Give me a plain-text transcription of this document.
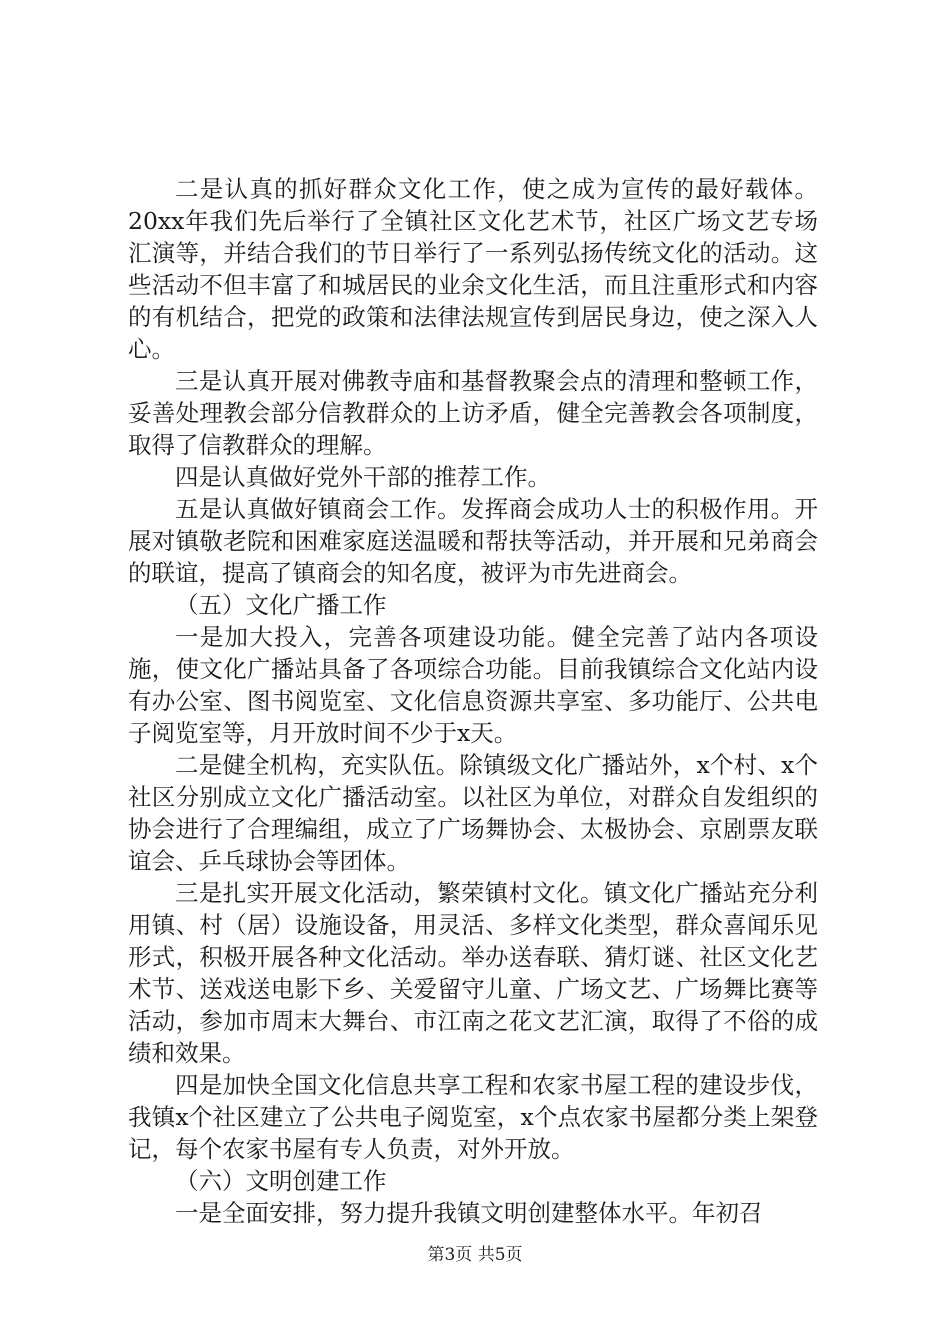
二是认真的抓好群众文化工作，使之成为宣传的最好载体。20xx年我们先后举行了全镇社区文化艺术节，社区广场文艺专场汇演等，并结合我们的节日举行了一系列弘扬传统文化的活动。这些活动不但丰富了和城居民的业余文化生活，而且注重形式和内容的有机结合，把党的政策和法律法规宣传到居民身边，使之深入人心。

三是认真开展对佛教寺庙和基督教聚会点的清理和整顿工作，妥善处理教会部分信教群众的上访矛盾，健全完善教会各项制度，取得了信教群众的理解。

四是认真做好党外干部的推荐工作。

五是认真做好镇商会工作。发挥商会成功人士的积极作用。开展对镇敬老院和困难家庭送温暖和帮扶等活动，并开展和兄弟商会的联谊，提高了镇商会的知名度，被评为市先进商会。

（五）文化广播工作

一是加大投入，完善各项建设功能。健全完善了站内各项设施，使文化广播站具备了各项综合功能。目前我镇综合文化站内设有办公室、图书阅览室、文化信息资源共享室、多功能厅、公共电子阅览室等，月开放时间不少于x天。

二是健全机构，充实队伍。除镇级文化广播站外，x个村、x个社区分别成立文化广播活动室。以社区为单位，对群众自发组织的协会进行了合理编组，成立了广场舞协会、太极协会、京剧票友联谊会、乒乓球协会等团体。

三是扎实开展文化活动，繁荣镇村文化。镇文化广播站充分利用镇、村（居）设施设备，用灵活、多样文化类型，群众喜闻乐见形式，积极开展各种文化活动。举办送春联、猜灯谜、社区文化艺术节、送戏送电影下乡、关爱留守儿童、广场文艺、广场舞比赛等活动，参加市周末大舞台、市江南之花文艺汇演，取得了不俗的成绩和效果。

四是加快全国文化信息共享工程和农家书屋工程的建设步伐，我镇x个社区建立了公共电子阅览室，x个点农家书屋都分类上架登记，每个农家书屋有专人负责，对外开放。

（六）文明创建工作

一是全面安排，努力提升我镇文明创建整体水平。年初召

第3页 共5页
